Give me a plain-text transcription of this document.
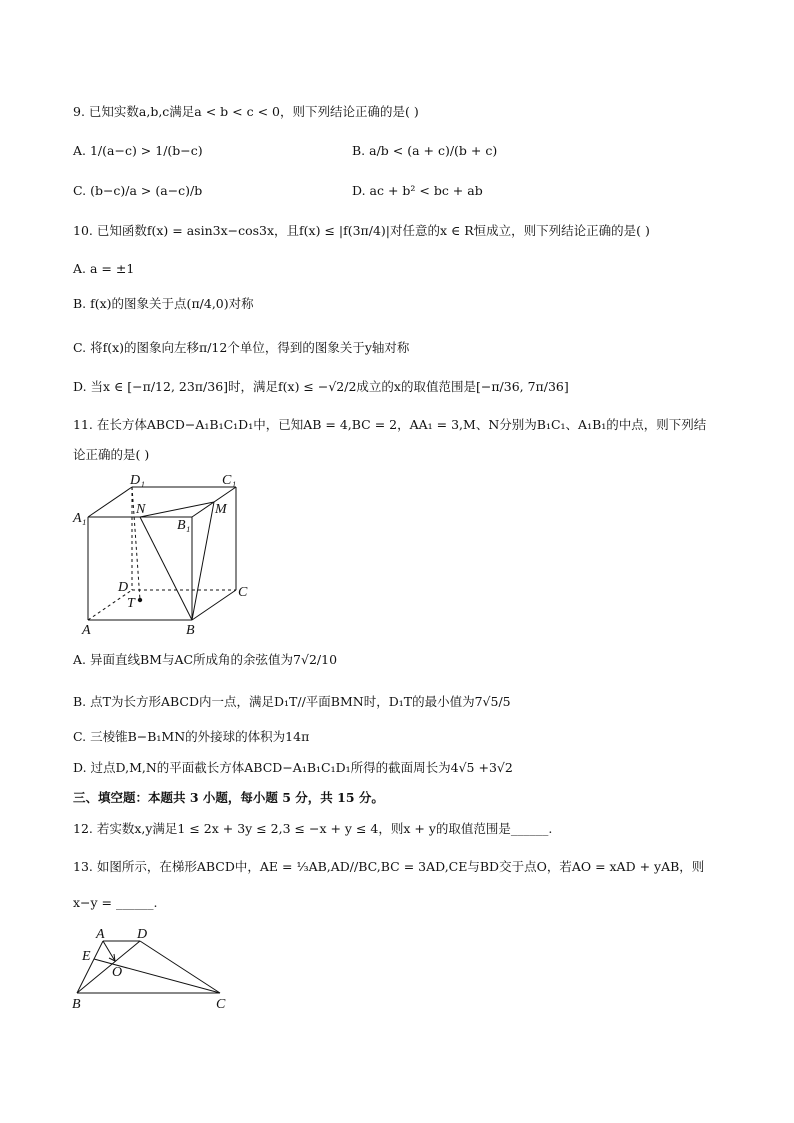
9. 已知实数a,b,c满足a < b < c < 0，则下列结论正确的是( )
A. 1/(a−c) > 1/(b−c)	B. a/b < (a + c)/(b + c)
C. (b−c)/a > (a−c)/b	D. ac + b² < bc + ab
10. 已知函数f(x) = asin3x−cos3x，且f(x) ≤ |f(3π/4)|对任意的x ∈ R恒成立，则下列结论正确的是( )
A. a = ±1
B. f(x)的图象关于点(π/4,0)对称
C. 将f(x)的图象向左移π/12个单位，得到的图象关于y轴对称
D. 当x ∈ [−π/12, 23π/36]时，满足f(x) ≤ −√2/2成立的x的取值范围是[−π/36, 7π/36]
11. 在长方体ABCD−A₁B₁C₁D₁中，已知AB = 4,BC = 2，AA₁ = 3,M、N分别为B₁C₁、A₁B₁的中点，则下列结
论正确的是( )
D₁	C₁
A₁
N
B₁
M
D	C
T
A	B
A. 异面直线BM与AC所成角的余弦值为7√2/10
B. 点T为长方形ABCD内一点，满足D₁T//平面BMN时，D₁T的最小值为7√5/5
C. 三棱锥B−B₁MN的外接球的体积为14π
D. 过点D,M,N的平面截长方体ABCD−A₁B₁C₁D₁所得的截面周长为4√5 +3√2
三、填空题：本题共 3 小题，每小题 5 分，共 15 分。
12. 若实数x,y满足1 ≤ 2x + 3y ≤ 2,3 ≤ −x + y ≤ 4，则x + y的取值范围是______.
13. 如图所示，在梯形ABCD中，AE = ⅓AB,AD//BC,BC = 3AD,CE与BD交于点O，若AO = xAD + yAB，则
x−y = ______.
A D
E
O
B	C
